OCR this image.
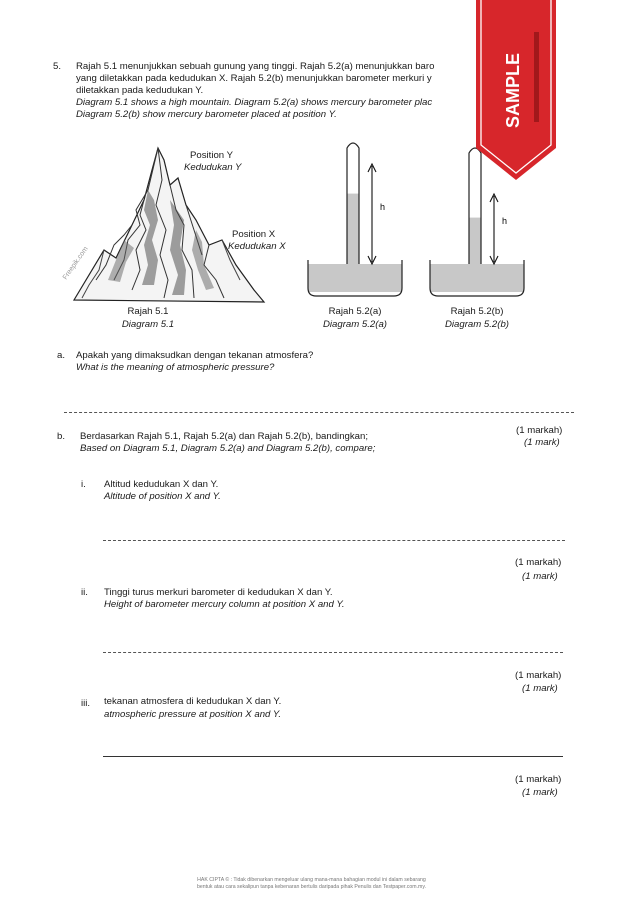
5. Rajah 5.1 menunjukkan sebuah gunung yang tinggi. Rajah 5.2(a) menunjukkan baro
yang diletakkan pada kedudukan X. Rajah 5.2(b) menunjukkan barometer merkuri y
diletakkan pada kedudukan Y.
Diagram 5.1 shows a high mountain. Diagram 5.2(a) shows mercury barometer plac
Diagram 5.2(b) show mercury barometer placed at position Y.
Freepik.com
Position Y
Kedudukan Y
Position X
Kedudukan X
Rajah 5.1
Diagram 5.1
h
Rajah 5.2(a)
Diagram 5.2(a)
h
Rajah 5.2(b)
Diagram 5.2(b)
a. Apakah yang dimaksudkan dengan tekanan atmosfera?
What is the meaning of atmospheric pressure?
b. Berdasarkan Rajah 5.1, Rajah 5.2(a) dan Rajah 5.2(b), bandingkan;
Based on Diagram 5.1, Diagram 5.2(a) and Diagram 5.2(b), compare;
(1 markah)
(1 mark)
i. Altitud kedudukan X dan Y.
Altitude of position X and Y.
(1 markah)
(1 mark)
ii. Tinggi turus merkuri barometer di kedudukan X dan Y.
Height of barometer mercury column at position X and Y.
(1 markah)
(1 mark)
iii. tekanan atmosfera di kedudukan X dan Y.
atmospheric pressure at position X and Y.
(1 markah)
(1 mark)
HAK CIPTA © : Tidak dibenarkan mengeluar ulang mana-mana bahagian modul ini dalam sebarang
bentuk atau cara sekalipun tanpa kebenaran bertulis daripada pihak Penulis dan Testpaper.com.my.
SAMPLE
